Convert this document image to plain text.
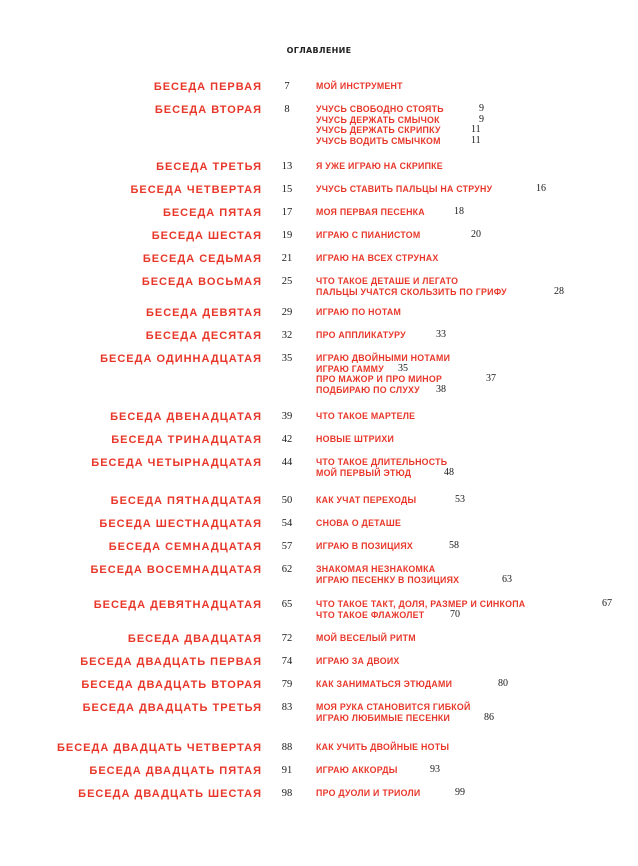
ОГЛАВЛЕНИЕ
БЕСЕДА ПЕРВАЯ	7	МОЙ ИНСТРУМЕНТ
БЕСЕДА ВТОРАЯ	8	УЧУСЬ СВОБОДНО СТОЯТЬ	9
УЧУСЬ ДЕРЖАТЬ СМЫЧОК	9
УЧУСЬ ДЕРЖАТЬ СКРИПКУ	11
УЧУСЬ ВОДИТЬ СМЫЧКОМ	11
БЕСЕДА ТРЕТЬЯ	13	Я УЖЕ ИГРАЮ НА СКРИПКЕ
БЕСЕДА ЧЕТВЕРТАЯ	15	УЧУСЬ СТАВИТЬ ПАЛЬЦЫ НА СТРУНУ	16
БЕСЕДА ПЯТАЯ	17	МОЯ ПЕРВАЯ ПЕСЕНКА	18
БЕСЕДА ШЕСТАЯ	19	ИГРАЮ С ПИАНИСТОМ	20
БЕСЕДА СЕДЬМАЯ	21	ИГРАЮ НА ВСЕХ СТРУНАХ
БЕСЕДА ВОСЬМАЯ	25	ЧТО ТАКОЕ ДЕТАШЕ И ЛЕГАТО
ПАЛЬЦЫ УЧАТСЯ СКОЛЬЗИТЬ ПО ГРИФУ	28
БЕСЕДА ДЕВЯТАЯ	29	ИГРАЮ ПО НОТАМ
БЕСЕДА ДЕСЯТАЯ	32	ПРО АППЛИКАТУРУ	33
БЕСЕДА ОДИННАДЦАТАЯ	35	ИГРАЮ ДВОЙНЫМИ НОТАМИ
ИГРАЮ ГАММУ 35
ПРО МАЖОР И ПРО МИНОР	37
ПОДБИРАЮ ПО СЛУХУ 38
БЕСЕДА ДВЕНАДЦАТАЯ	39	ЧТО ТАКОЕ МАРТЕЛЕ
БЕСЕДА ТРИНАДЦАТАЯ	42	НОВЫЕ ШТРИХИ
БЕСЕДА ЧЕТЫРНАДЦАТАЯ	44	ЧТО ТАКОЕ ДЛИТЕЛЬНОСТЬ
МОЙ ПЕРВЫЙ ЭТЮД	48
БЕСЕДА ПЯТНАДЦАТАЯ	50	КАК УЧАТ ПЕРЕХОДЫ	53
БЕСЕДА ШЕСТНАДЦАТАЯ	54	СНОВА О ДЕТАШЕ
БЕСЕДА СЕМНАДЦАТАЯ	57	ИГРАЮ В ПОЗИЦИЯХ	58
БЕСЕДА ВОСЕМНАДЦАТАЯ	62	ЗНАКОМАЯ НЕЗНАКОМКА
ИГРАЮ ПЕСЕНКУ В ПОЗИЦИЯХ	63
БЕСЕДА ДЕВЯТНАДЦАТАЯ	65	ЧТО ТАКОЕ ТАКТ, ДОЛЯ, РАЗМЕР И СИНКОПА	67
ЧТО ТАКОЕ ФЛАЖОЛЕТ	70
БЕСЕДА ДВАДЦАТАЯ	72	МОЙ ВЕСЕЛЫЙ РИТМ
БЕСЕДА ДВАДЦАТЬ ПЕРВАЯ	74	ИГРАЮ ЗА ДВОИХ
БЕСЕДА ДВАДЦАТЬ ВТОРАЯ	79	КАК ЗАНИМАТЬСЯ ЭТЮДАМИ	80
БЕСЕДА ДВАДЦАТЬ ТРЕТЬЯ	83	МОЯ РУКА СТАНОВИТСЯ ГИБКОЙ
ИГРАЮ ЛЮБИМЫЕ ПЕСЕНКИ	86
БЕСЕДА ДВАДЦАТЬ ЧЕТВЕРТАЯ	88	КАК УЧИТЬ ДВОЙНЫЕ НОТЫ
БЕСЕДА ДВАДЦАТЬ ПЯТАЯ	91	ИГРАЮ АККОРДЫ	93
БЕСЕДА ДВАДЦАТЬ ШЕСТАЯ	98	ПРО ДУОЛИ И ТРИОЛИ	99
